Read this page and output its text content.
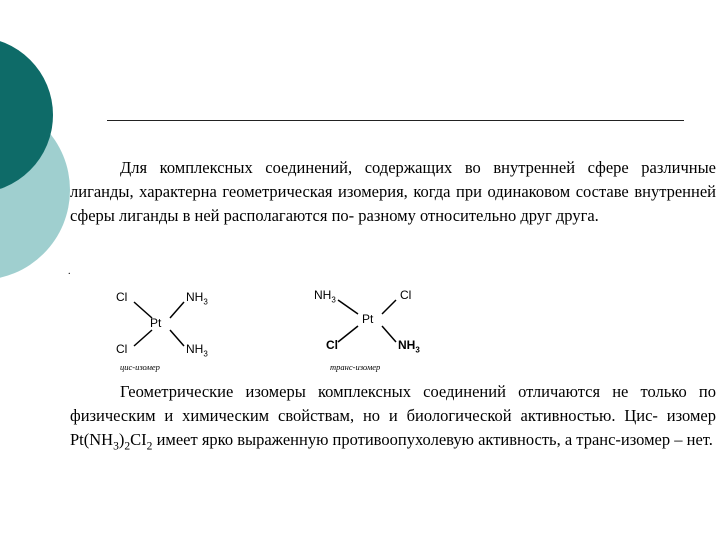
Для комплексных соединений, содержащих во внутренней сфере различные лиганды, характерна геометрическая изомерия, когда при одинаковом составе внутренней сферы лиганды в ней располагаются по- разному относительно друг друга.

.
Cl	$NH_3$
Pt
Cl	$NH_3$
цис-изомер
$NH_3$	Cl
Pt
Cl	$NH_3$
транс-изомер

Геометрические изомеры комплексных соединений отличаются не только по физическим и химическим свойствам, но и биологической активностью. Цис- изомер $Pt(NH_3)_2CI_2$ имеет ярко выраженную противоопухолевую активность, а транс-изомер – нет.
